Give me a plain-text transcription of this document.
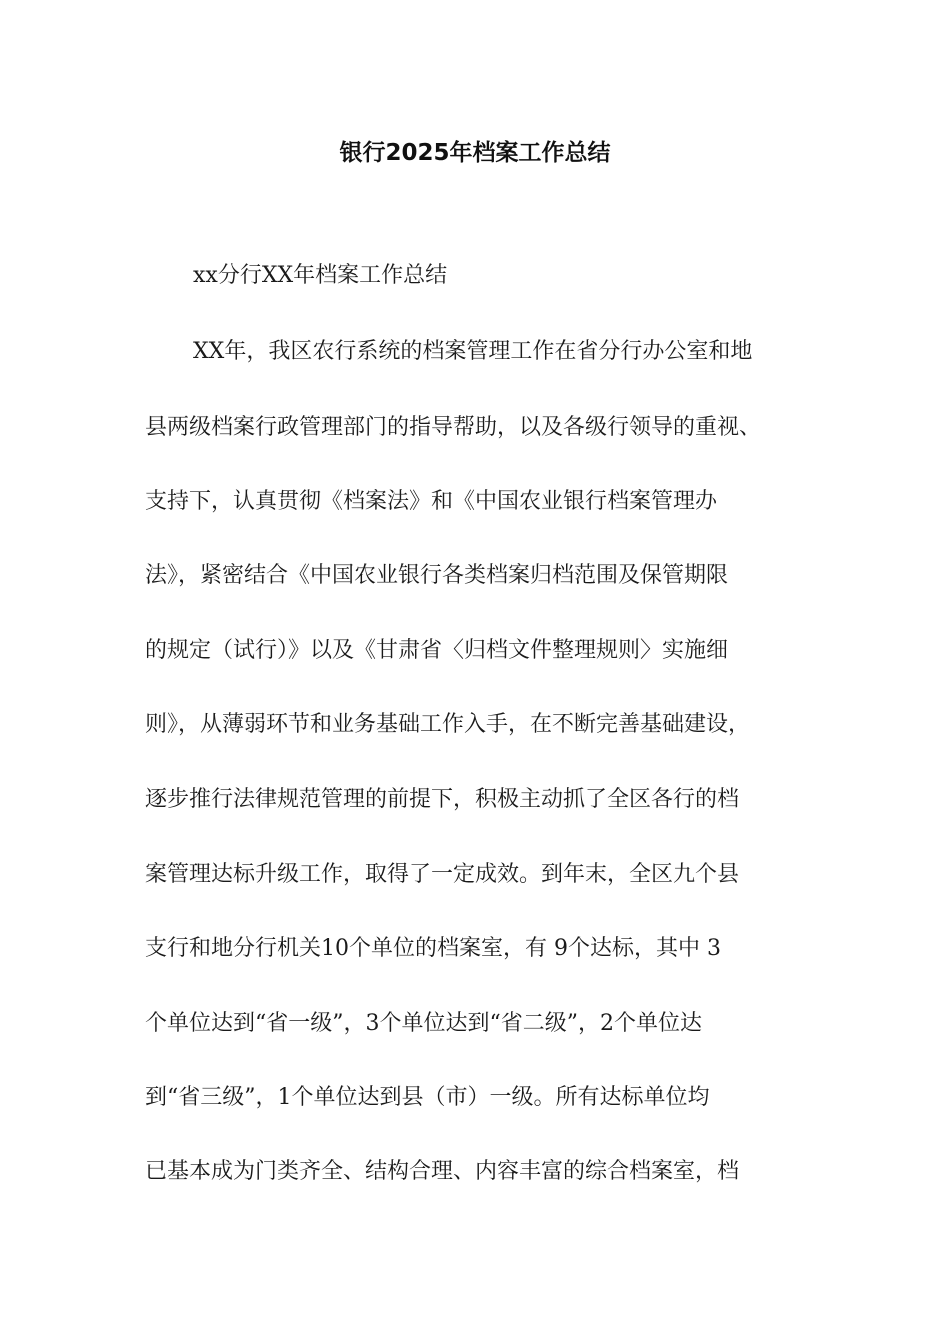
银行2025年档案工作总结
xx分行XX年档案工作总结
XX年，我区农行系统的档案管理工作在省分行办公室和地
县两级档案行政管理部门的指导帮助，以及各级行领导的重视、
支持下，认真贯彻《档案法》和《中国农业银行档案管理办
法》，紧密结合《中国农业银行各类档案归档范围及保管期限
的规定（试行）》以及《甘肃省〈归档文件整理规则〉实施细
则》，从薄弱环节和业务基础工作入手，在不断完善基础建设，
逐步推行法律规范管理的前提下，积极主动抓了全区各行的档
案管理达标升级工作，取得了一定成效。到年末，全区九个县
支行和地分行机关10个单位的档案室，有 9个达标，其中 3
个单位达到“省一级”，3个单位达到“省二级”，2个单位达
到“省三级”，1个单位达到县（市）一级。所有达标单位均
已基本成为门类齐全、结构合理、内容丰富的综合档案室，档
